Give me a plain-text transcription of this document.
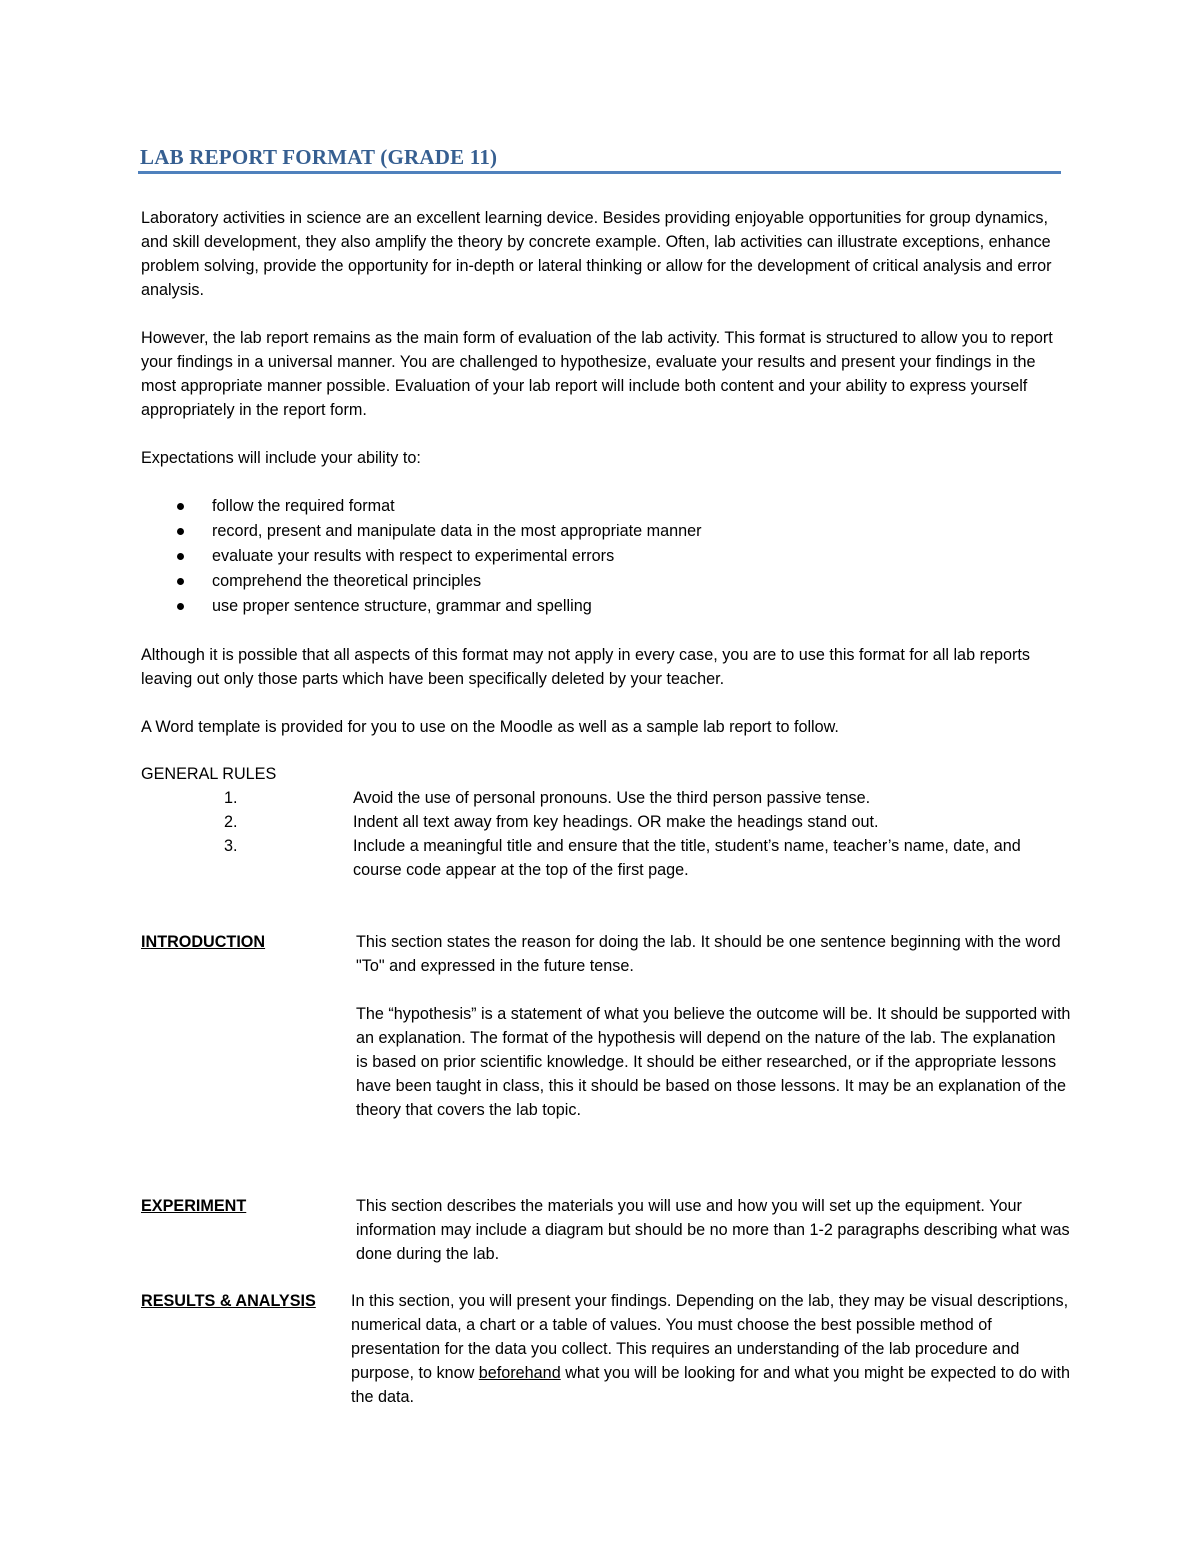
LAB REPORT FORMAT (GRADE 11)

Laboratory activities in science are an excellent learning device. Besides providing enjoyable opportunities for group dynamics, and skill development, they also amplify the theory by concrete example. Often, lab activities can illustrate exceptions, enhance problem solving, provide the opportunity for in-depth or lateral thinking or allow for the development of critical analysis and error analysis.

However, the lab report remains as the main form of evaluation of the lab activity. This format is structured to allow you to report your findings in a universal manner. You are challenged to hypothesize, evaluate your results and present your findings in the most appropriate manner possible. Evaluation of your lab report will include both content and your ability to express yourself appropriately in the report form.

Expectations will include your ability to:

follow the required format
record, present and manipulate data in the most appropriate manner
evaluate your results with respect to experimental errors
comprehend the theoretical principles
use proper sentence structure, grammar and spelling

Although it is possible that all aspects of this format may not apply in every case, you are to use this format for all lab reports leaving out only those parts which have been specifically deleted by your teacher.

A Word template is provided for you to use on the Moodle as well as a sample lab report to follow.

GENERAL RULES
1.	Avoid the use of personal pronouns. Use the third person passive tense.
2.	Indent all text away from key headings. OR make the headings stand out.
3.	Include a meaningful title and ensure that the title, student’s name, teacher’s name, date, and course code appear at the top of the first page.
INTRODUCTION	This section states the reason for doing the lab. It should be one sentence beginning with the word "To" and expressed in the future tense.

The “hypothesis” is a statement of what you believe the outcome will be. It should be supported with an explanation. The format of the hypothesis will depend on the nature of the lab. The explanation is based on prior scientific knowledge. It should be either researched, or if the appropriate lessons have been taught in class, this it should be based on those lessons. It may be an explanation of the theory that covers the lab topic.

EXPERIMENT	This section describes the materials you will use and how you will set up the equipment. Your information may include a diagram but should be no more than 1-2 paragraphs describing what was done during the lab.

RESULTS & ANALYSIS In this section, you will present your findings. Depending on the lab, they may be visual descriptions, numerical data, a chart or a table of values. You must choose the best possible method of presentation for the data you collect. This requires an understanding of the lab procedure and purpose, to know beforehand what you will be looking for and what you might be expected to do with the data.
